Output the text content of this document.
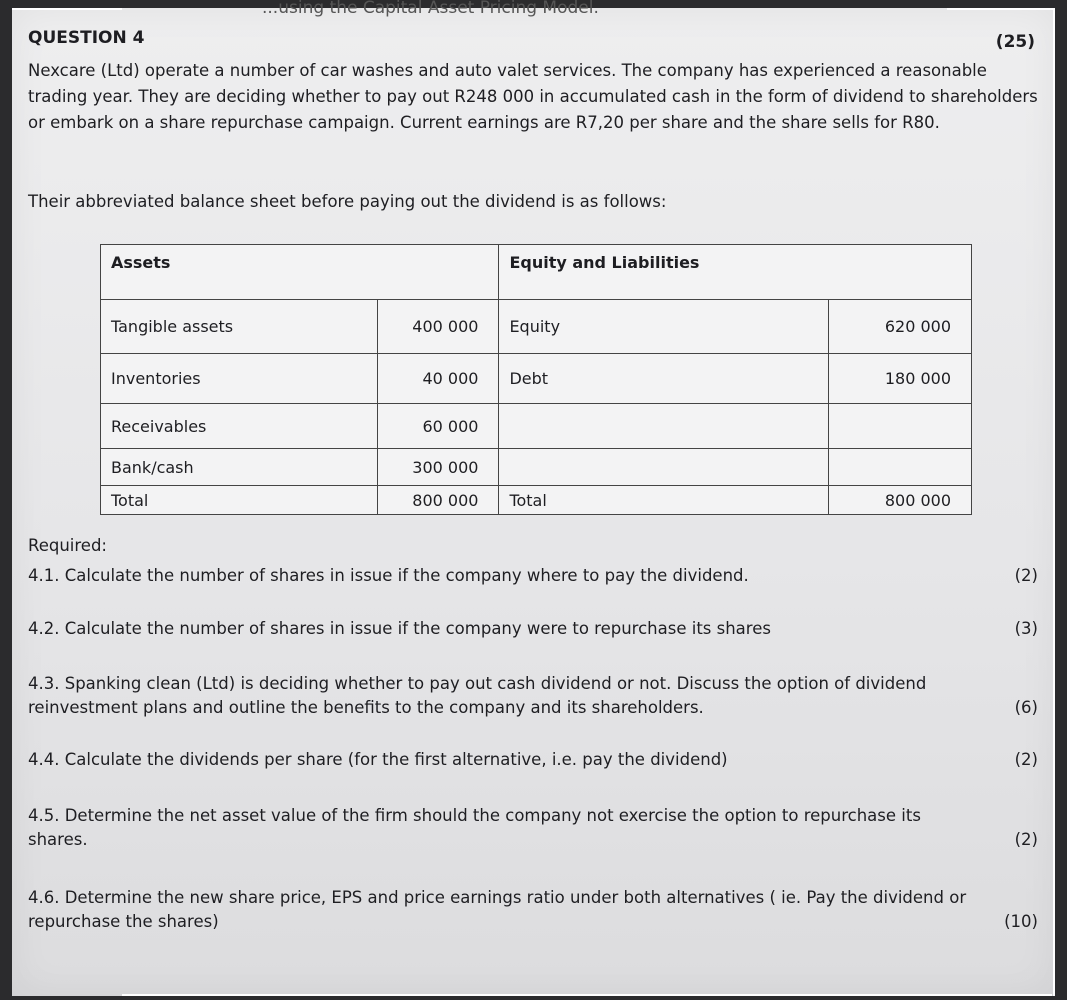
...using the Capital Asset Pricing Model.
QUESTION 4	(25)

Nexcare (Ltd) operate a number of car washes and auto valet services. The company has experienced a reasonable trading year. They are deciding whether to pay out R248 000 in accumulated cash in the form of dividend to shareholders or embark on a share repurchase campaign. Current earnings are R7,20 per share and the share sells for R80.

Their abbreviated balance sheet before paying out the dividend is as follows:
Assets		Equity and Liabilities	
Tangible assets	400 000	Equity	620 000
Inventories	40 000	Debt	180 000
Receivables	60 000		
Bank/cash	300 000		
Total	800 000	Total	800 000
Required:
4.1. Calculate the number of shares in issue if the company where to pay the dividend.	(2)
4.2. Calculate the number of shares in issue if the company were to repurchase its shares	(3)
4.3. Spanking clean (Ltd) is deciding whether to pay out cash dividend or not. Discuss the option of dividend reinvestment plans and outline the benefits to the company and its shareholders.	(6)
4.4. Calculate the dividends per share (for the first alternative, i.e. pay the dividend)	(2)
4.5. Determine the net asset value of the firm should the company not exercise the option to repurchase its shares.	(2)
4.6. Determine the new share price, EPS and price earnings ratio under both alternatives ( ie. Pay the dividend or repurchase the shares)	(10)
